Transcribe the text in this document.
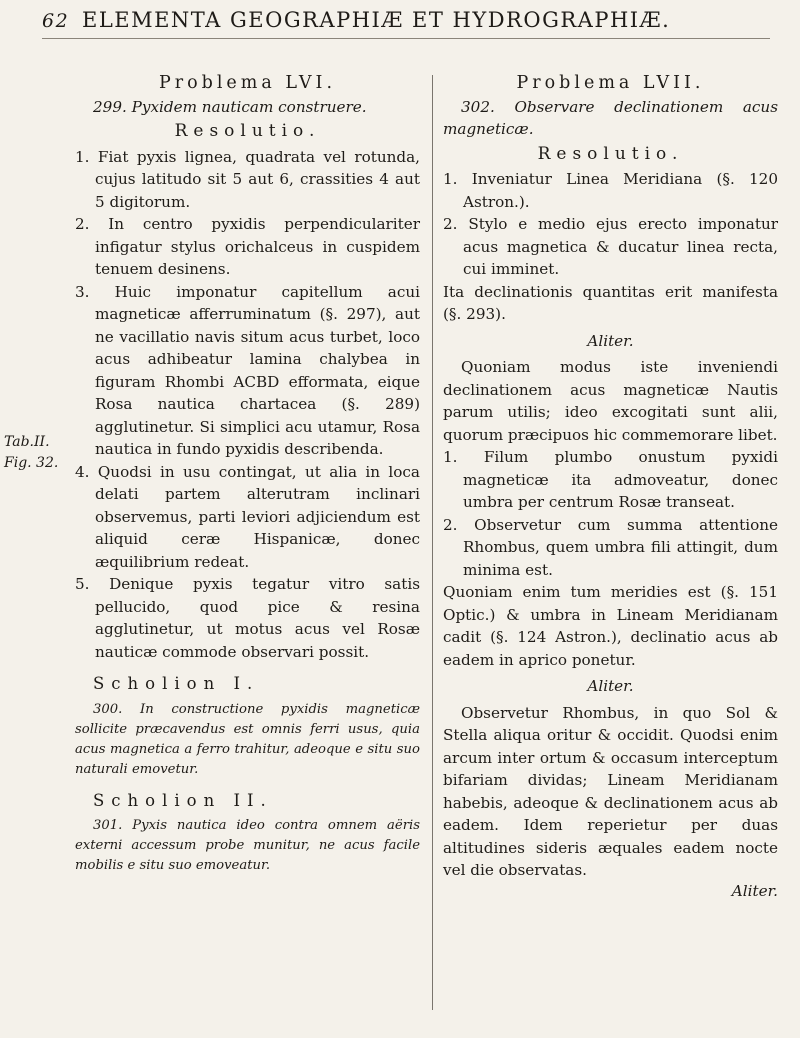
62 ELEMENTA GEOGRAPHIÆ ET HYDROGRAPHIÆ.
Tab.II.
Fig. 32.
Problema LVI.

299. Pyxidem nauticam construere.

Resolutio.

1. Fiat pyxis lignea, quadrata vel rotunda, cujus latitudo sit 5 aut 6, crassities 4 aut 5 digitorum.

2. In centro pyxidis perpendiculariter infigatur stylus orichalceus in cuspidem tenuem desinens.

3. Huic imponatur capitellum acui magneticæ afferruminatum (§. 297), aut ne vacillatio navis situm acus turbet, loco acus adhibeatur lamina chalybea in figuram Rhombi ACBD efformata, eique Rosa nautica chartacea (§. 289) agglutinetur. Si simplici acu utamur, Rosa nautica in fundo pyxidis describenda.

4. Quodsi in usu contingat, ut alia in loca delati partem alterutram inclinari observemus, parti leviori adjiciendum est aliquid ceræ Hispanicæ, donec æquilibrium redeat.

5. Denique pyxis tegatur vitro satis pellucido, quod pice & resina agglutinetur, ut motus acus vel Rosæ nauticæ commode observari possit.

Scholion I.

300. In constructione pyxidis magneticæ sollicite præcavendus est omnis ferri usus, quia acus magnetica a ferro trahitur, adeoque e situ suo naturali emovetur.

Scholion II.

301. Pyxis nautica ideo contra omnem aëris externi accessum probe munitur, ne acus facile mobilis e situ suo emoveatur.

Problema LVII.

302. Observare declinationem acus magneticæ.

Resolutio.

1. Inveniatur Linea Meridiana (§. 120 Astron.).

2. Stylo e medio ejus erecto imponatur acus magnetica & ducatur linea recta, cui imminet.

Ita declinationis quantitas erit manifesta (§. 293).

Aliter.

Quoniam modus iste inveniendi declinationem acus magneticæ Nautis parum utilis; ideo excogitati sunt alii, quorum præcipuos hic commemorare libet.

1. Filum plumbo onustum pyxidi magneticæ ita admoveatur, donec umbra per centrum Rosæ transeat.

2. Observetur cum summa attentione Rhombus, quem umbra fili attingit, dum minima est.

Quoniam enim tum meridies est (§. 151 Optic.) & umbra in Lineam Meridianam cadit (§. 124 Astron.), declinatio acus ab eadem in aprico ponetur.

Aliter.

Observetur Rhombus, in quo Sol & Stella aliqua oritur & occidit. Quodsi enim arcum inter ortum & occasum interceptum bifariam dividas; Lineam Meridianam habebis, adeoque & declinationem acus ab eadem. Idem reperietur per duas altitudines sideris æquales eadem nocte vel die observatas.

Aliter.
